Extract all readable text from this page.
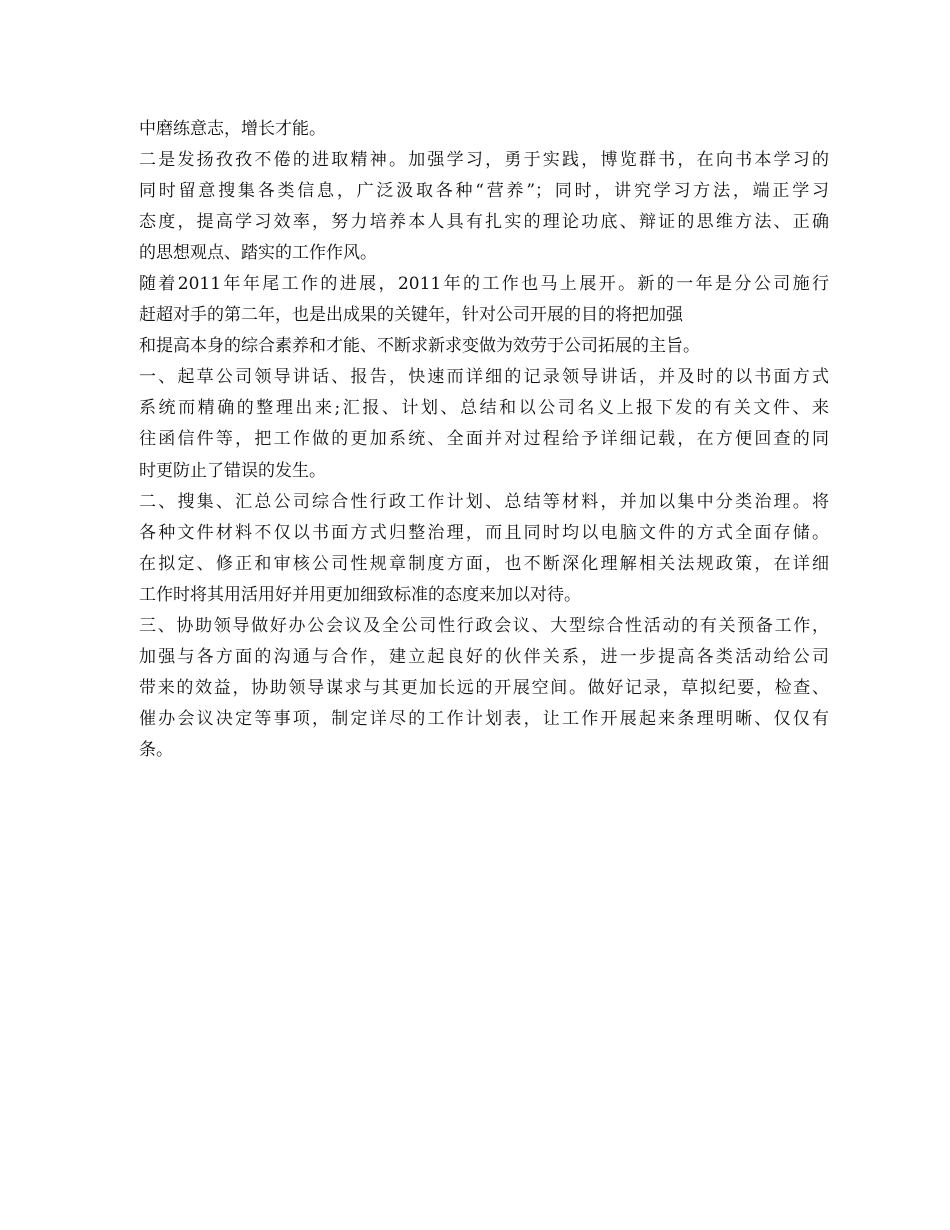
中磨练意志，增长才能。
二是发扬孜孜不倦的进取精神。加强学习，勇于实践，博览群书，在向书本学习的
同时留意搜集各类信息，广泛汲取各种“营养”；同时，讲究学习方法，端正学习
态度，提高学习效率，努力培养本人具有扎实的理论功底、辩证的思维方法、正确
的思想观点、踏实的工作作风。
随着2011年年尾工作的进展，2011年的工作也马上展开。新的一年是分公司施行
赶超对手的第二年，也是出成果的关键年，针对公司开展的目的将把加强
和提高本身的综合素养和才能、不断求新求变做为效劳于公司拓展的主旨。
一、起草公司领导讲话、报告，快速而详细的记录领导讲话，并及时的以书面方式
系统而精确的整理出来;汇报、计划、总结和以公司名义上报下发的有关文件、来
往函信件等，把工作做的更加系统、全面并对过程给予详细记载，在方便回查的同
时更防止了错误的发生。
二、搜集、汇总公司综合性行政工作计划、总结等材料，并加以集中分类治理。将
各种文件材料不仅以书面方式归整治理，而且同时均以电脑文件的方式全面存储。
在拟定、修正和审核公司性规章制度方面，也不断深化理解相关法规政策，在详细
工作时将其用活用好并用更加细致标准的态度来加以对待。
三、协助领导做好办公会议及全公司性行政会议、大型综合性活动的有关预备工作，
加强与各方面的沟通与合作，建立起良好的伙伴关系，进一步提高各类活动给公司
带来的效益，协助领导谋求与其更加长远的开展空间。做好记录，草拟纪要，检查、
催办会议决定等事项，制定详尽的工作计划表，让工作开展起来条理明晰、仅仅有
条。
